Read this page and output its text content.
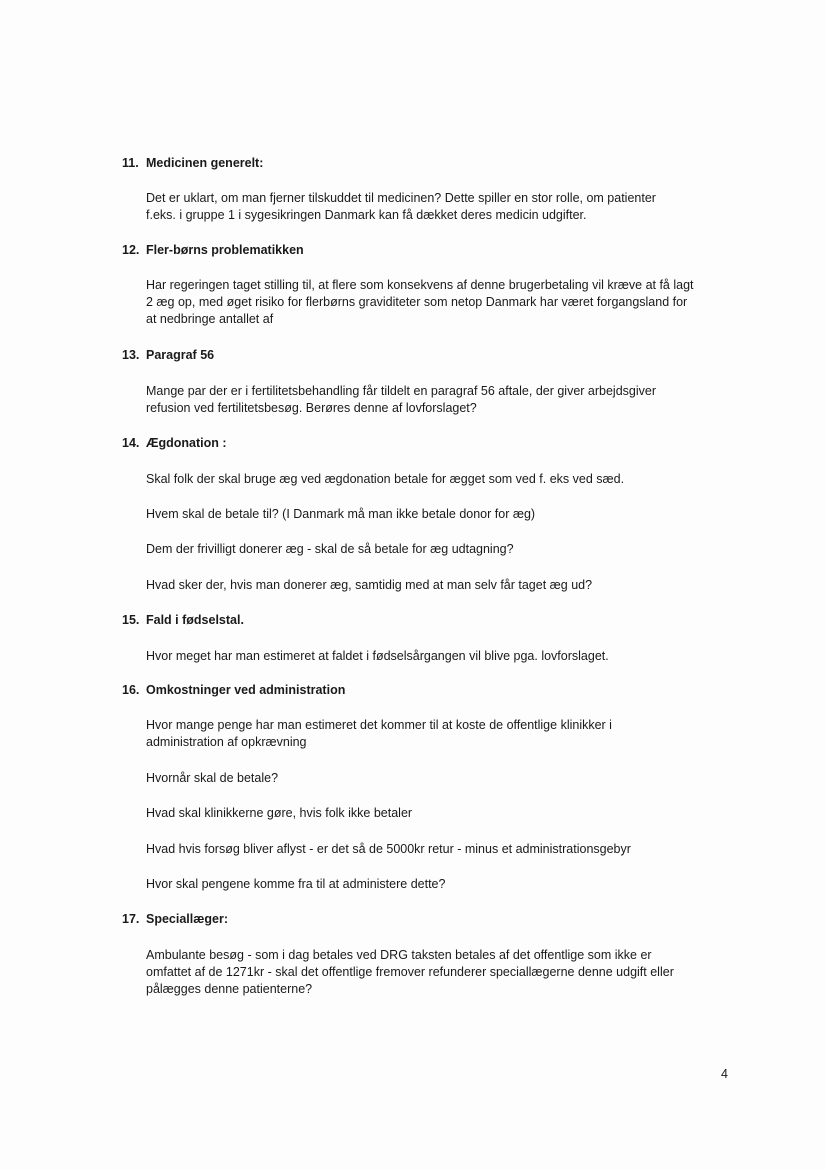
11. Medicinen generelt:
Det er uklart, om man fjerner tilskuddet til medicinen? Dette spiller en stor rolle, om patienter
f.eks. i gruppe 1 i sygesikringen Danmark kan få dækket deres medicin udgifter.
12. Fler-børns problematikken
Har regeringen taget stilling til, at flere som konsekvens af denne brugerbetaling vil kræve at få lagt
2 æg op, med øget risiko for flerbørns graviditeter som netop Danmark har været forgangsland for
at nedbringe antallet af
13. Paragraf 56
Mange par der er i fertilitetsbehandling får tildelt en paragraf 56 aftale, der giver arbejdsgiver
refusion ved fertilitetsbesøg. Berøres denne af lovforslaget?
14. Ægdonation :
Skal folk der skal bruge æg ved ægdonation betale for ægget som ved f. eks ved sæd.
Hvem skal de betale til? (I Danmark må man ikke betale donor for æg)
Dem der frivilligt donerer æg - skal de så betale for æg udtagning?
Hvad sker der, hvis man donerer æg, samtidig med at man selv får taget æg ud?
15. Fald i fødselstal.
Hvor meget har man estimeret at faldet i fødselsårgangen vil blive pga. lovforslaget.
16. Omkostninger ved administration
Hvor mange penge har man estimeret det kommer til at koste de offentlige klinikker i
administration af opkrævning
Hvornår skal de betale?
Hvad skal klinikkerne gøre, hvis folk ikke betaler
Hvad hvis forsøg bliver aflyst - er det så de 5000kr retur - minus et administrationsgebyr
Hvor skal pengene komme fra til at administere dette?
17. Speciallæger:
Ambulante besøg - som i dag betales ved DRG taksten betales af det offentlige som ikke er
omfattet af de 1271kr - skal det offentlige fremover refunderer speciallægerne denne udgift eller
pålægges denne patienterne?
4
